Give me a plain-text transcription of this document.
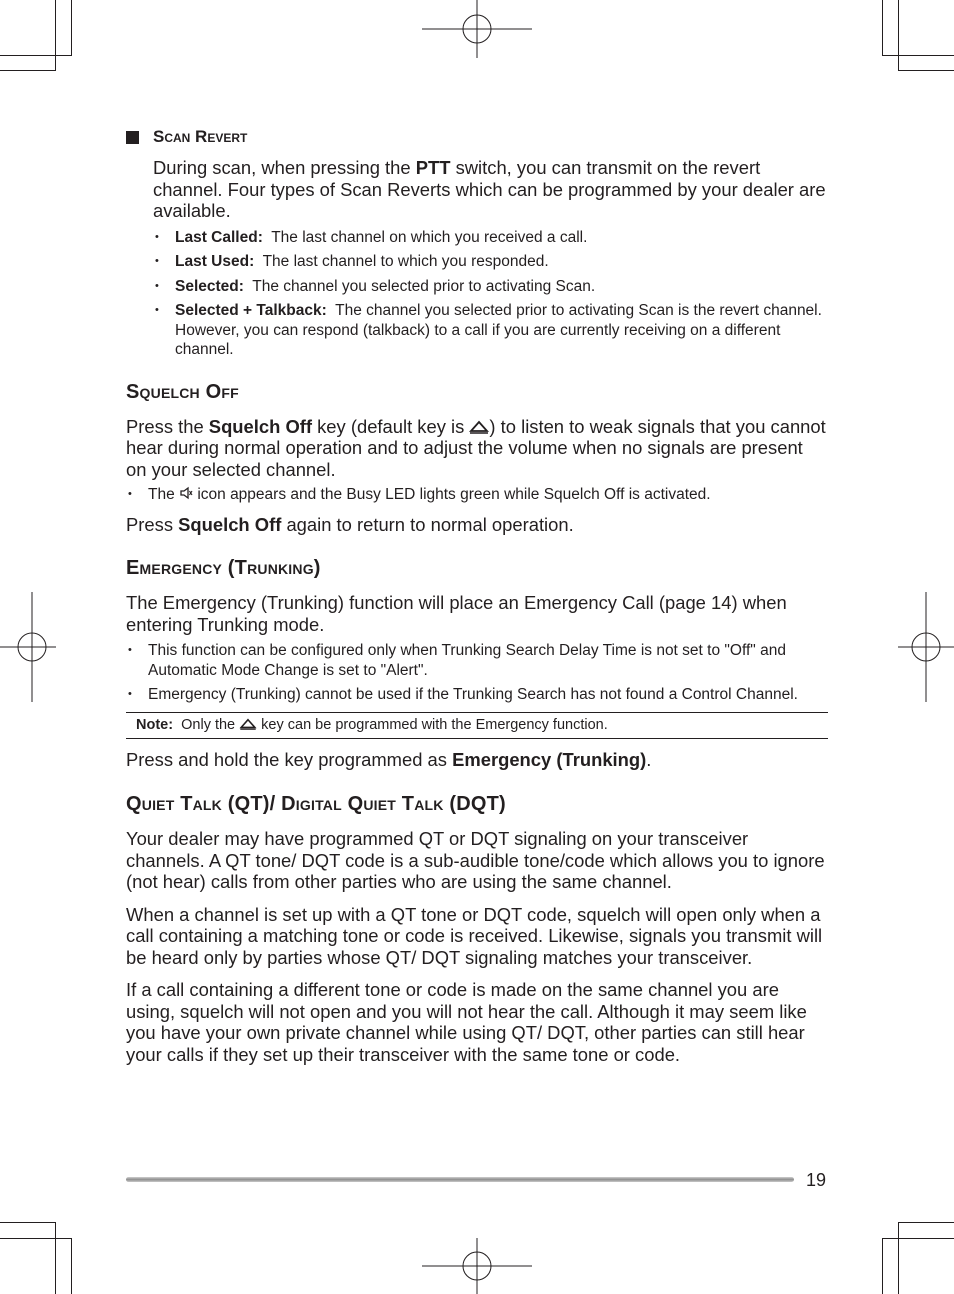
Scan Revert

During scan, when pressing the PTT switch, you can transmit on the revert channel. Four types of Scan Reverts which can be programmed by your dealer are available.

• Last Called: The last channel on which you received a call.
• Last Used: The last channel to which you responded.
• Selected: The channel you selected prior to activating Scan.
• Selected + Talkback: The channel you selected prior to activating Scan is the revert channel. However, you can respond (talkback) to a call if you are currently receiving on a different channel.
Squelch Off

Press the Squelch Off key (default key is ) to listen to weak signals that you cannot hear during normal operation and to adjust the volume when no signals are present on your selected channel.

• The  icon appears and the Busy LED lights green while Squelch Off is activated.

Press Squelch Off again to return to normal operation.

Emergency (Trunking)

The Emergency (Trunking) function will place an Emergency Call (page 14) when entering Trunking mode.

• This function can be configured only when Trunking Search Delay Time is not set to "Off" and Automatic Mode Change is set to "Alert".
• Emergency (Trunking) cannot be used if the Trunking Search has not found a Control Channel.
Note: Only the  key can be programmed with the Emergency function.

Press and hold the key programmed as Emergency (Trunking).

Quiet Talk (QT)/ Digital Quiet Talk (DQT)

Your dealer may have programmed QT or DQT signaling on your transceiver channels. A QT tone/ DQT code is a sub-audible tone/code which allows you to ignore (not hear) calls from other parties who are using the same channel.

When a channel is set up with a QT tone or DQT code, squelch will open only when a call containing a matching tone or code is received. Likewise, signals you transmit will be heard only by parties whose QT/ DQT signaling matches your transceiver.

If a call containing a different tone or code is made on the same channel you are using, squelch will not open and you will not hear the call. Although it may seem like you have your own private channel while using QT/ DQT, other parties can still hear your calls if they set up their transceiver with the same tone or code.

19
